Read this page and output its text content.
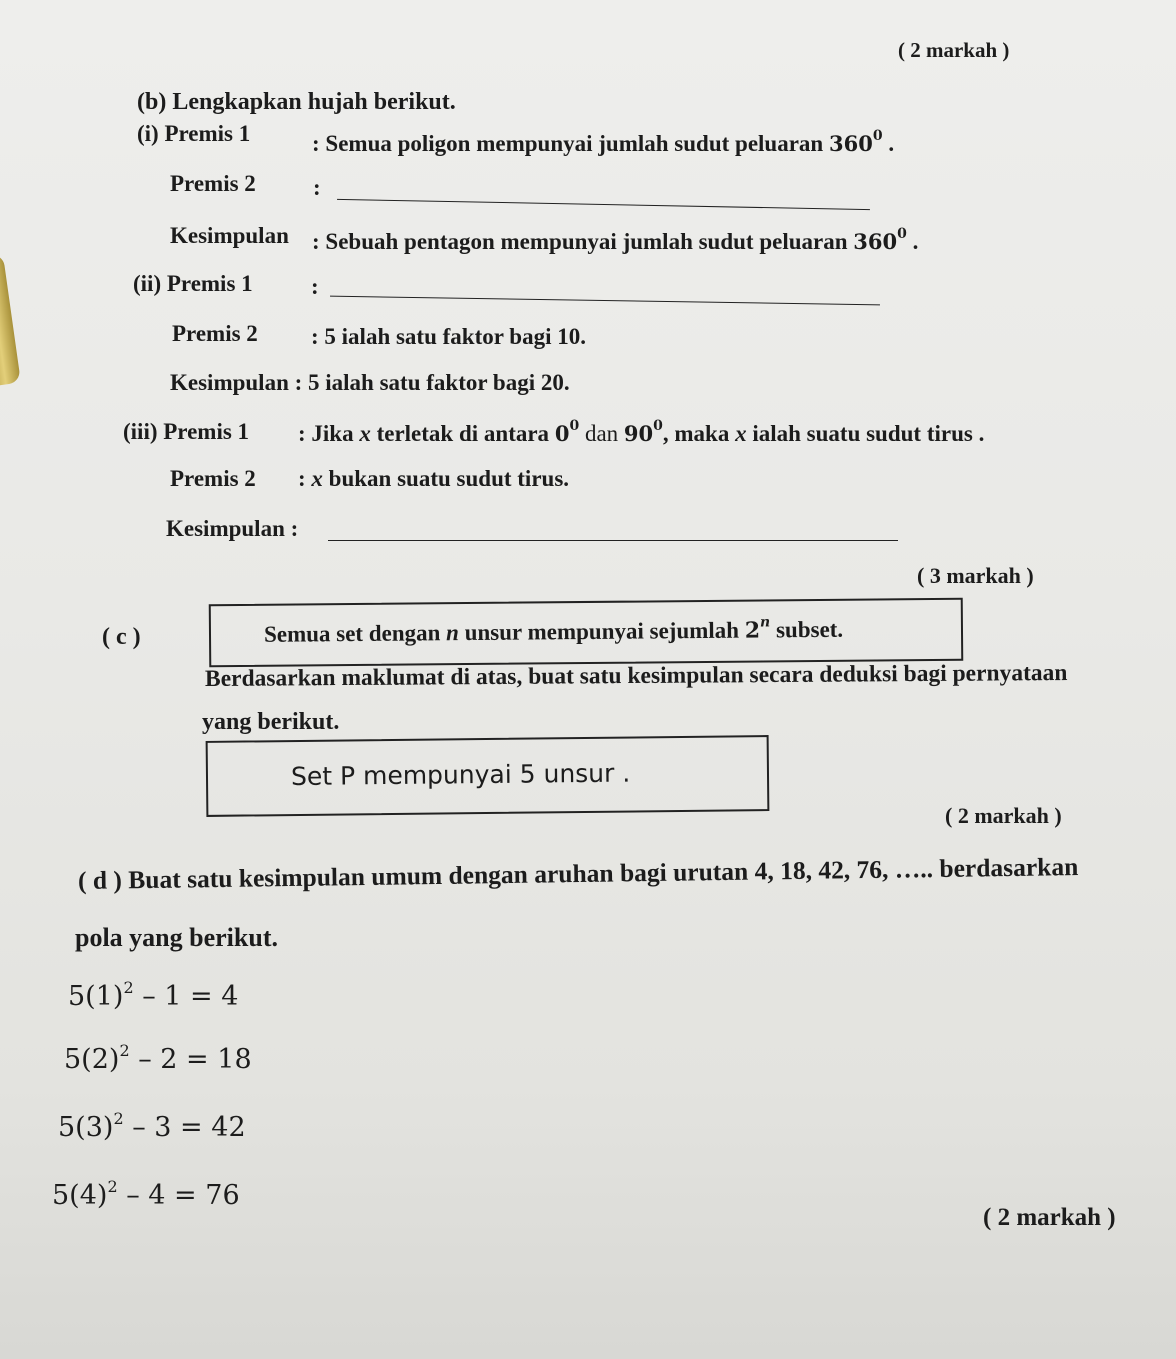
( 2 markah )
(b) Lengkapkan hujah berikut.
(i) Premis 1	: Semua poligon mempunyai jumlah sudut peluaran $360^0$ .
Premis 2 :
Kesimpulan : Sebuah pentagon mempunyai jumlah sudut peluaran $360^0$ .
(ii) Premis 1	:
Premis 2 : 5 ialah satu faktor bagi 10.
Kesimpulan : 5 ialah satu faktor bagi 20.
(iii) Premis 1 : Jika x terletak di antara $0^0$ dan $90^0$, maka x ialah suatu sudut tirus .
Premis 2 : x bukan suatu sudut tirus.
Kesimpulan :
( 3 markah )
( c )	Semua set dengan n unsur mempunyai sejumlah 2$^n$ subset.
Berdasarkan maklumat di atas, buat satu kesimpulan secara deduksi bagi pernyataan
yang berikut.
Set P mempunyai 5 unsur .
( 2 markah )
( d ) Buat satu kesimpulan umum dengan aruhan bagi urutan 4, 18, 42, 76, ….. berdasarkan
pola yang berikut.
$5(1)^2 - 1 = 4$
$5(2)^2 - 2 = 18$
$5(3)^2 - 3 = 42$
$5(4)^2 - 4 = 76$
( 2 markah )
